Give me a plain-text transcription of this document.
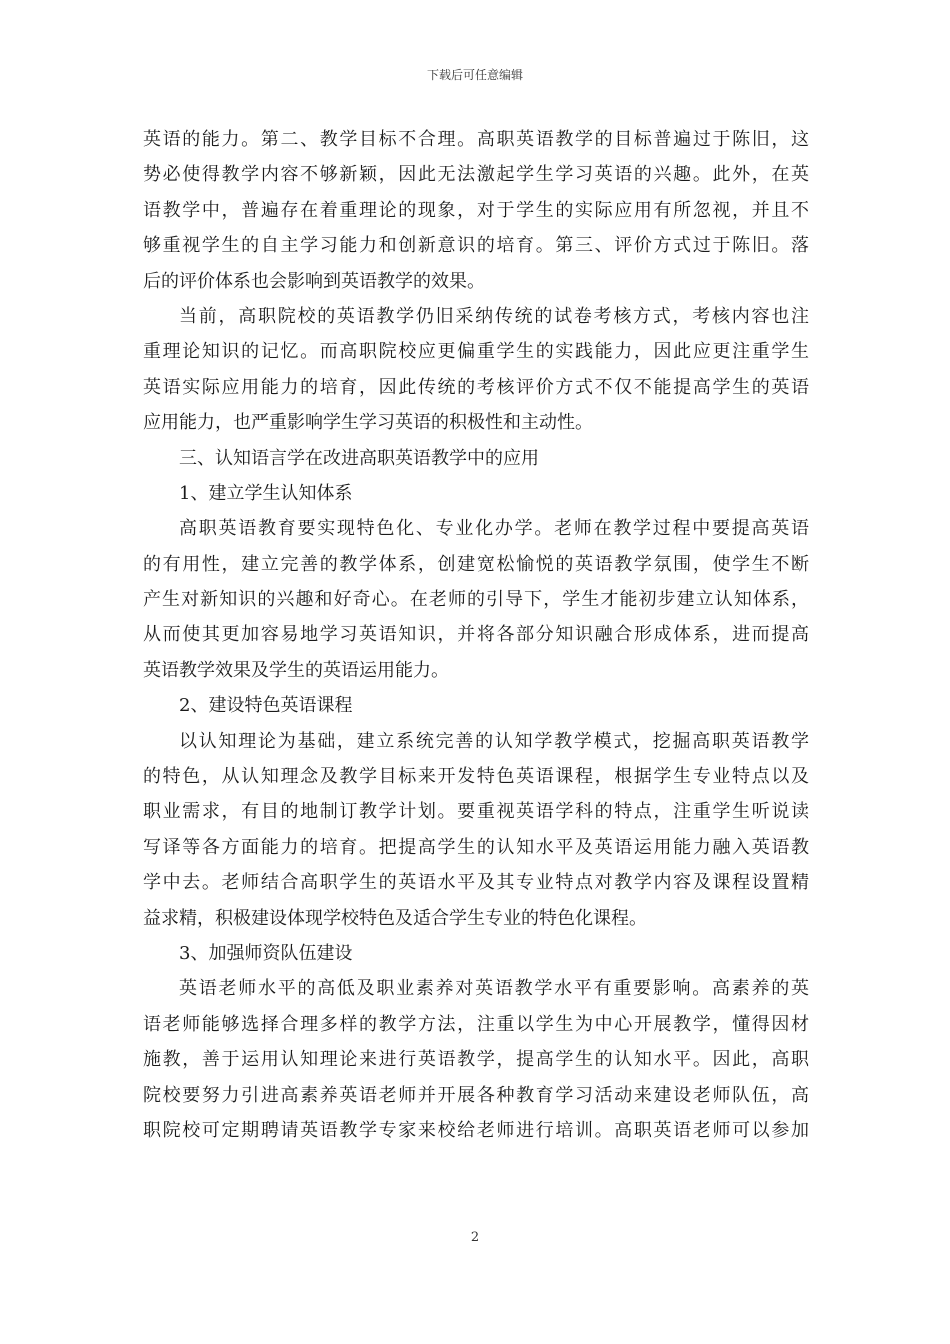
下载后可任意编辑
英语的能力。第二、教学目标不合理。高职英语教学的目标普遍过于陈旧，这
势必使得教学内容不够新颖，因此无法激起学生学习英语的兴趣。此外，在英
语教学中，普遍存在着重理论的现象，对于学生的实际应用有所忽视，并且不
够重视学生的自主学习能力和创新意识的培育。第三、评价方式过于陈旧。落
后的评价体系也会影响到英语教学的效果。
当前，高职院校的英语教学仍旧采纳传统的试卷考核方式，考核内容也注
重理论知识的记忆。而高职院校应更偏重学生的实践能力，因此应更注重学生
英语实际应用能力的培育，因此传统的考核评价方式不仅不能提高学生的英语
应用能力，也严重影响学生学习英语的积极性和主动性。
三、认知语言学在改进高职英语教学中的应用
1、建立学生认知体系
高职英语教育要实现特色化、专业化办学。老师在教学过程中要提高英语
的有用性，建立完善的教学体系，创建宽松愉悦的英语教学氛围，使学生不断
产生对新知识的兴趣和好奇心。在老师的引导下，学生才能初步建立认知体系，
从而使其更加容易地学习英语知识，并将各部分知识融合形成体系，进而提高
英语教学效果及学生的英语运用能力。
2、建设特色英语课程
以认知理论为基础，建立系统完善的认知学教学模式，挖掘高职英语教学
的特色，从认知理念及教学目标来开发特色英语课程，根据学生专业特点以及
职业需求，有目的地制订教学计划。要重视英语学科的特点，注重学生听说读
写译等各方面能力的培育。把提高学生的认知水平及英语运用能力融入英语教
学中去。老师结合高职学生的英语水平及其专业特点对教学内容及课程设置精
益求精，积极建设体现学校特色及适合学生专业的特色化课程。
3、加强师资队伍建设
英语老师水平的高低及职业素养对英语教学水平有重要影响。高素养的英
语老师能够选择合理多样的教学方法，注重以学生为中心开展教学，懂得因材
施教，善于运用认知理论来进行英语教学，提高学生的认知水平。因此，高职
院校要努力引进高素养英语老师并开展各种教育学习活动来建设老师队伍，高
职院校可定期聘请英语教学专家来校给老师进行培训。高职英语老师可以参加
2
